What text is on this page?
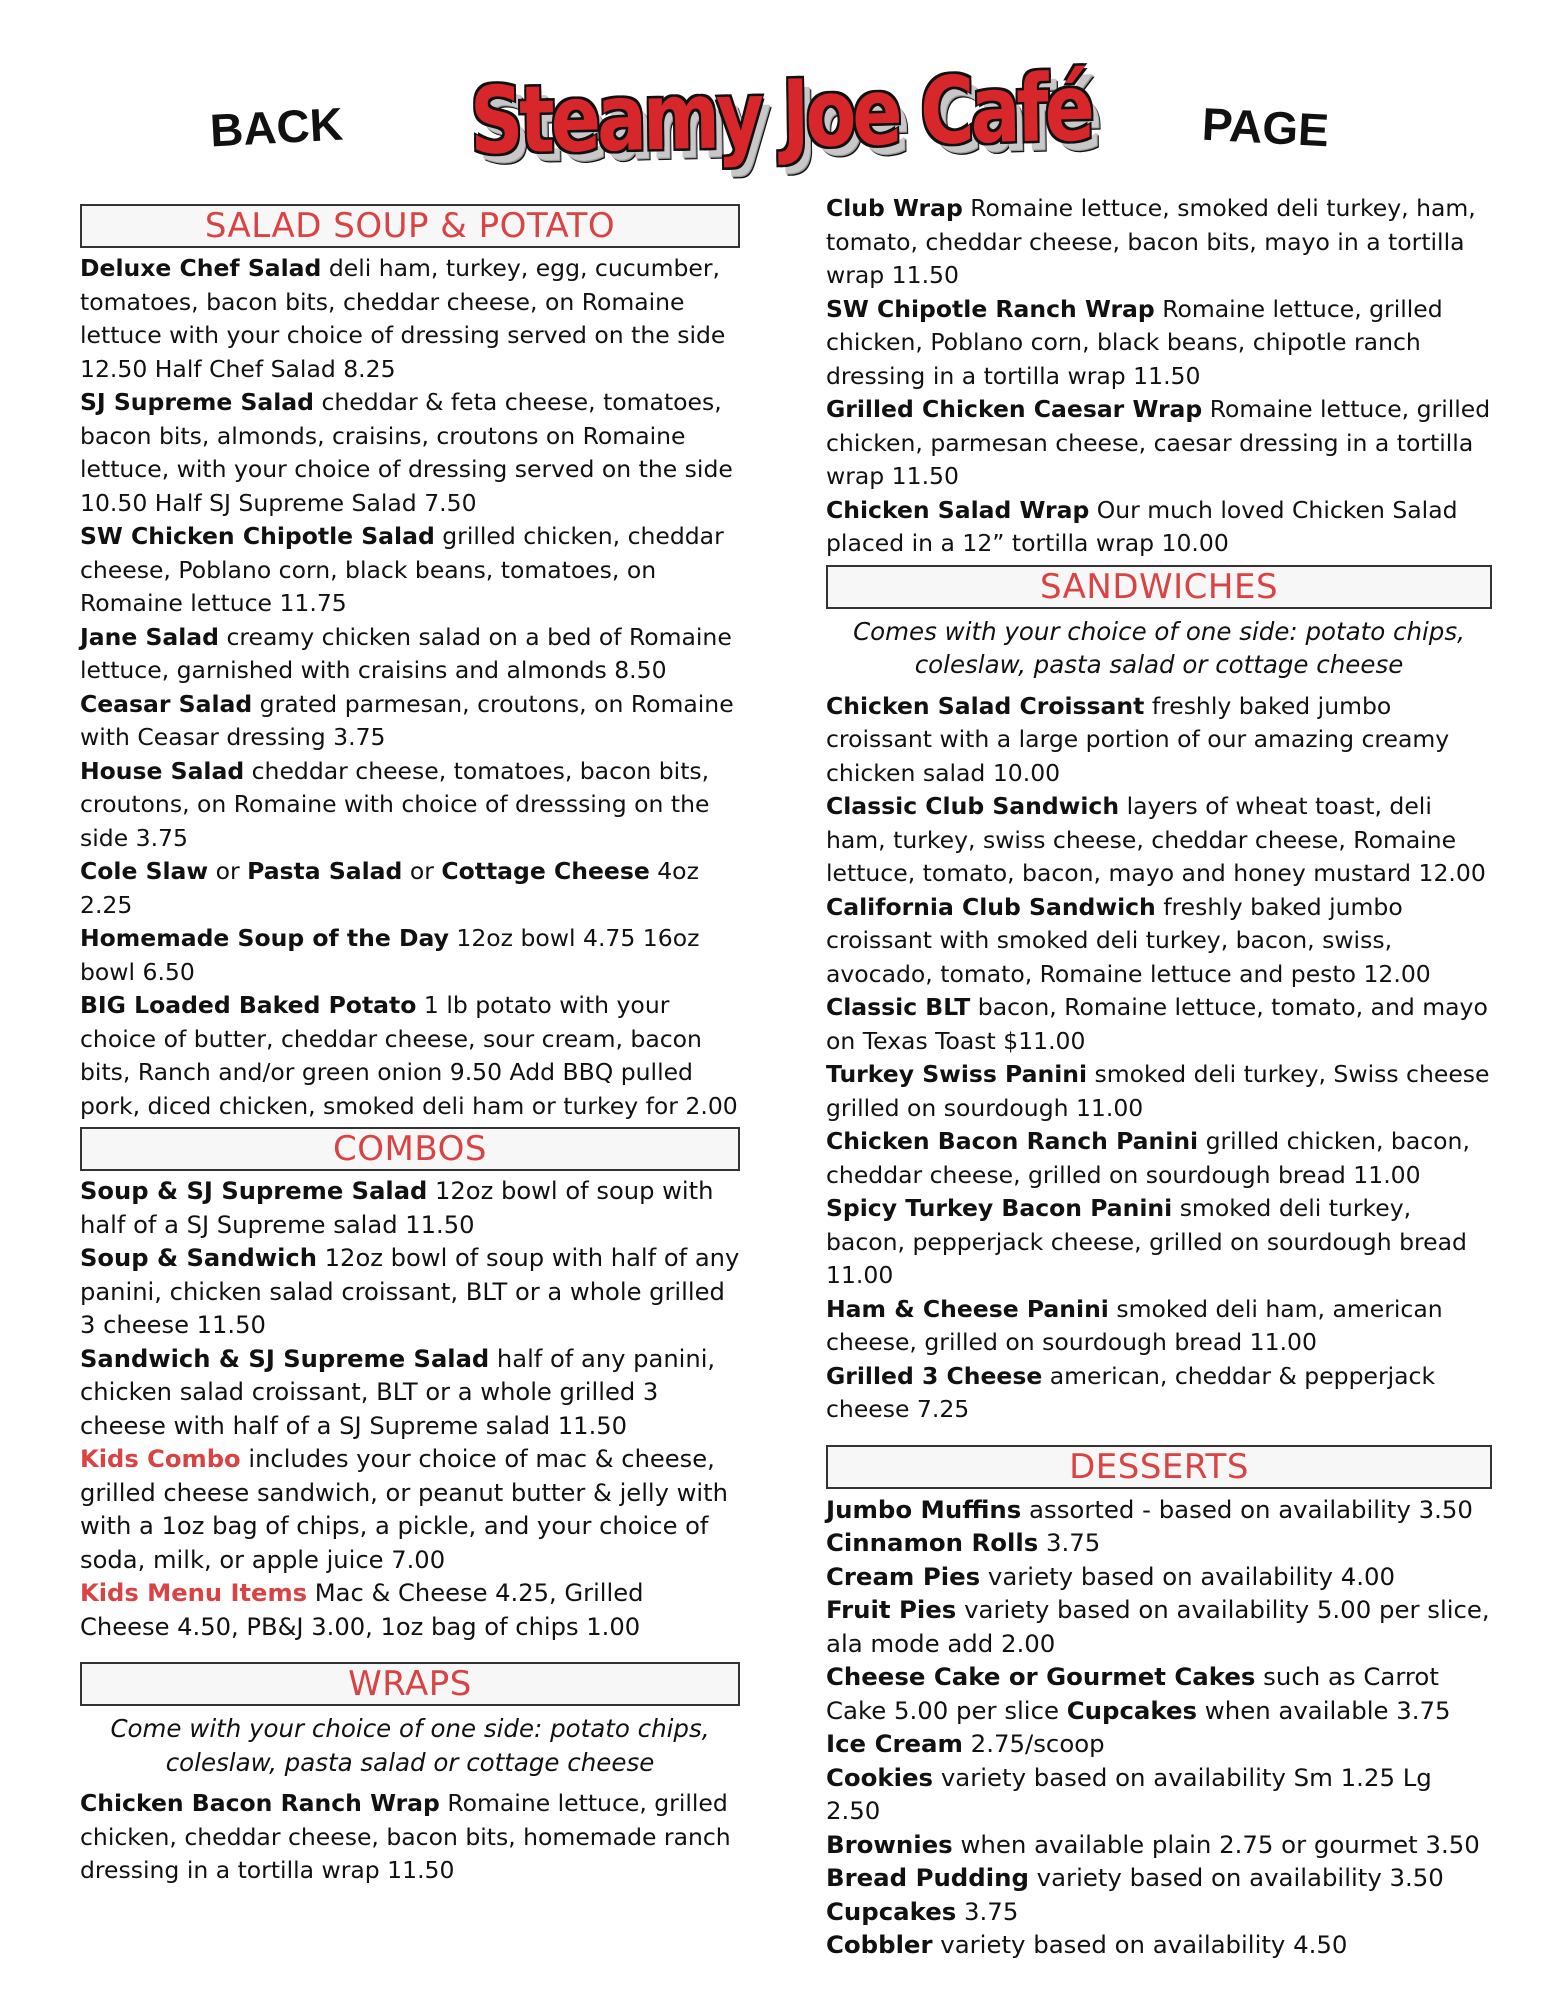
BACK Steamy Joe Café PAGE
SALAD SOUP & POTATO

Deluxe Chef Salad deli ham, turkey, egg, cucumber, tomatoes, bacon bits, cheddar cheese, on Romaine lettuce with your choice of dressing served on the side 12.50 Half Chef Salad 8.25

SJ Supreme Salad cheddar & feta cheese, tomatoes, bacon bits, almonds, craisins, croutons on Romaine lettuce, with your choice of dressing served on the side 10.50 Half SJ Supreme Salad 7.50

SW Chicken Chipotle Salad grilled chicken, cheddar cheese, Poblano corn, black beans, tomatoes, on Romaine lettuce 11.75

Jane Salad creamy chicken salad on a bed of Romaine lettuce, garnished with craisins and almonds 8.50

Ceasar Salad grated parmesan, croutons, on Romaine with Ceasar dressing 3.75

House Salad cheddar cheese, tomatoes, bacon bits, croutons, on Romaine with choice of dresssing on the side 3.75

Cole Slaw or Pasta Salad or Cottage Cheese 4oz 2.25

Homemade Soup of the Day 12oz bowl 4.75 16oz bowl 6.50

BIG Loaded Baked Potato 1 lb potato with your choice of butter, cheddar cheese, sour cream, bacon bits, Ranch and/or green onion 9.50 Add BBQ pulled pork, diced chicken, smoked deli ham or turkey for 2.00

COMBOS

Soup & SJ Supreme Salad 12oz bowl of soup with half of a SJ Supreme salad 11.50

Soup & Sandwich 12oz bowl of soup with half of any panini, chicken salad croissant, BLT or a whole grilled 3 cheese 11.50

Sandwich & SJ Supreme Salad half of any panini, chicken salad croissant, BLT or a whole grilled 3 cheese with half of a SJ Supreme salad 11.50

Kids Combo includes your choice of mac & cheese, grilled cheese sandwich, or peanut butter & jelly with with a 1oz bag of chips, a pickle, and your choice of soda, milk, or apple juice 7.00

Kids Menu Items Mac & Cheese 4.25, Grilled Cheese 4.50, PB&J 3.00, 1oz bag of chips 1.00

WRAPS

Come with your choice of one side: potato chips, coleslaw, pasta salad or cottage cheese

Chicken Bacon Ranch Wrap Romaine lettuce, grilled chicken, cheddar cheese, bacon bits, homemade ranch dressing in a tortilla wrap 11.50

Club Wrap Romaine lettuce, smoked deli turkey, ham, tomato, cheddar cheese, bacon bits, mayo in a tortilla wrap 11.50

SW Chipotle Ranch Wrap Romaine lettuce, grilled chicken, Poblano corn, black beans, chipotle ranch dressing in a tortilla wrap 11.50

Grilled Chicken Caesar Wrap Romaine lettuce, grilled chicken, parmesan cheese, caesar dressing in a tortilla wrap 11.50

Chicken Salad Wrap Our much loved Chicken Salad placed in a 12” tortilla wrap 10.00

SANDWICHES

Comes with your choice of one side: potato chips, coleslaw, pasta salad or cottage cheese

Chicken Salad Croissant freshly baked jumbo croissant with a large portion of our amazing creamy chicken salad 10.00

Classic Club Sandwich layers of wheat toast, deli ham, turkey, swiss cheese, cheddar cheese, Romaine lettuce, tomato, bacon, mayo and honey mustard 12.00

California Club Sandwich freshly baked jumbo croissant with smoked deli turkey, bacon, swiss, avocado, tomato, Romaine lettuce and pesto 12.00

Classic BLT bacon, Romaine lettuce, tomato, and mayo on Texas Toast $11.00

Turkey Swiss Panini smoked deli turkey, Swiss cheese grilled on sourdough 11.00

Chicken Bacon Ranch Panini grilled chicken, bacon, cheddar cheese, grilled on sourdough bread 11.00

Spicy Turkey Bacon Panini smoked deli turkey, bacon, pepperjack cheese, grilled on sourdough bread 11.00

Ham & Cheese Panini smoked deli ham, american cheese, grilled on sourdough bread 11.00

Grilled 3 Cheese american, cheddar & pepperjack cheese 7.25

DESSERTS

Jumbo Muffins assorted - based on availability 3.50

Cinnamon Rolls 3.75

Cream Pies variety based on availability 4.00

Fruit Pies variety based on availability 5.00 per slice, ala mode add 2.00

Cheese Cake or Gourmet Cakes such as Carrot Cake 5.00 per slice Cupcakes when available 3.75

Ice Cream 2.75/scoop

Cookies variety based on availability Sm 1.25 Lg 2.50

Brownies when available plain 2.75 or gourmet 3.50

Bread Pudding variety based on availability 3.50

Cupcakes 3.75

Cobbler variety based on availability 4.50
